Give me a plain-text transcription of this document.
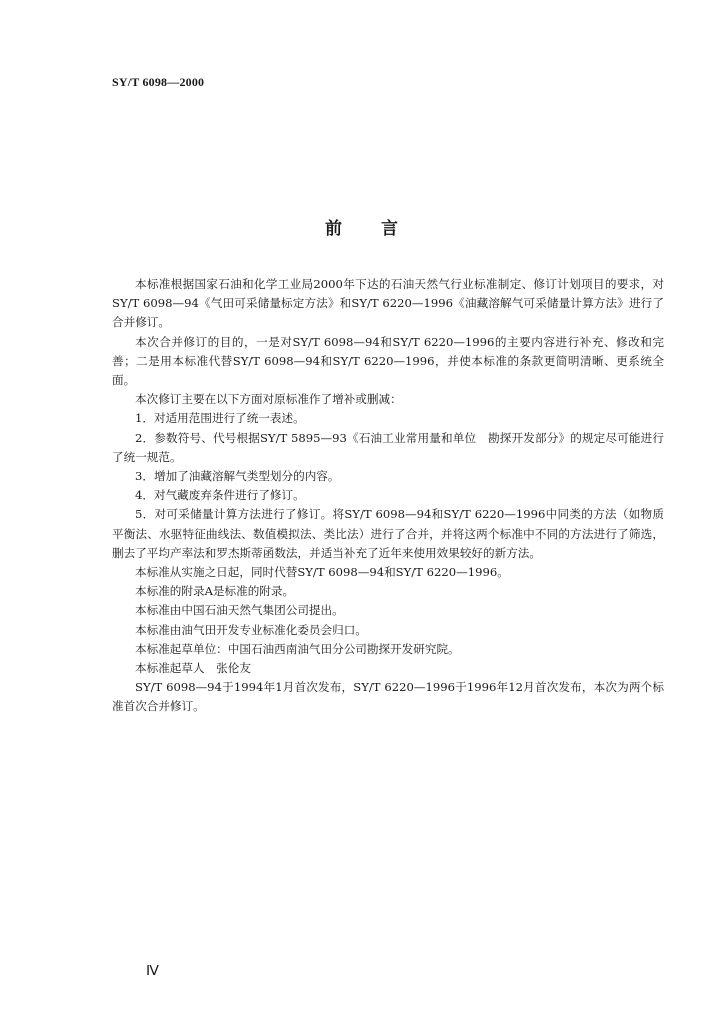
SY/T 6098—2000
前 言

本标准根据国家石油和化学工业局2000年下达的石油天然气行业标准制定、修订计划项目的要求，对SY/T 6098—94《气田可采储量标定方法》和SY/T 6220—1996《油藏溶解气可采储量计算方法》进行了合并修订。

本次合并修订的目的，一是对SY/T 6098—94和SY/T 6220—1996的主要内容进行补充、修改和完善；二是用本标准代替SY/T 6098—94和SY/T 6220—1996，并使本标准的条款更简明清晰、更系统全面。

本次修订主要在以下方面对原标准作了增补或删减：

1．对适用范围进行了统一表述。

2．参数符号、代号根据SY/T 5895—93《石油工业常用量和单位　勘探开发部分》的规定尽可能进行了统一规范。

3．增加了油藏溶解气类型划分的内容。

4．对气藏废弃条件进行了修订。

5．对可采储量计算方法进行了修订。将SY/T 6098—94和SY/T 6220—1996中同类的方法（如物质平衡法、水驱特征曲线法、数值模拟法、类比法）进行了合并，并将这两个标准中不同的方法进行了筛选，删去了平均产率法和罗杰斯蒂函数法，并适当补充了近年来使用效果较好的新方法。

本标准从实施之日起，同时代替SY/T 6098—94和SY/T 6220—1996。

本标准的附录A是标准的附录。

本标准由中国石油天然气集团公司提出。

本标准由油气田开发专业标准化委员会归口。

本标准起草单位：中国石油西南油气田分公司勘探开发研究院。

本标准起草人　张伦友

SY/T 6098—94于1994年1月首次发布，SY/T 6220—1996于1996年12月首次发布，本次为两个标准首次合并修订。

Ⅳ
